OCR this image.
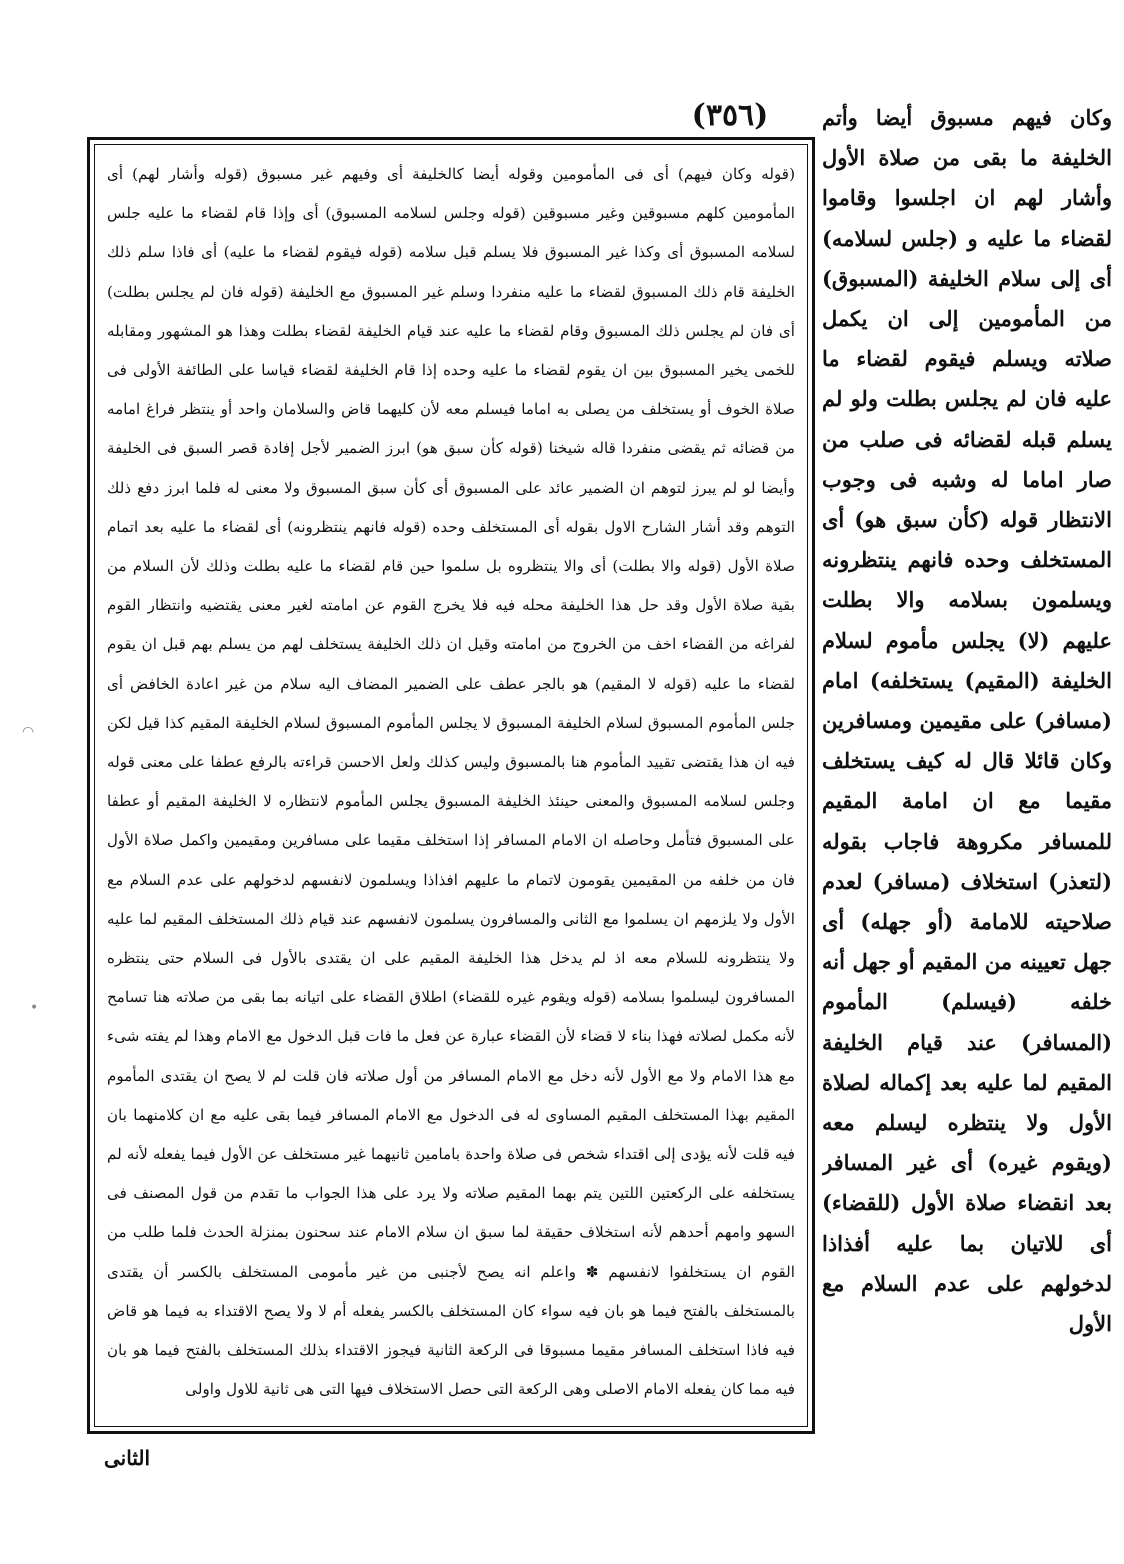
(٣٥٦)	وكان فيهم مسبوق أيضا وأتم الخليفة ما بقى من صلاة الأول وأشار لهم ان اجلسوا وقاموا لقضاء ما عليه و (جلس لسلامه) أى إلى سلام الخليفة (المسبوق) من المأمومين إلى ان يكمل صلاته ويسلم فيقوم لقضاء ما عليه فان لم يجلس بطلت ولو لم يسلم قبله لقضائه فى صلب من صار اماما له وشبه فى وجوب الانتظار قوله (كأن سبق هو) أى المستخلف وحده فانهم ينتظرونه ويسلمون بسلامه والا بطلت عليهم (لا) يجلس مأموم لسلام الخليفة (المقيم) يستخلفه) امام (مسافر) على مقيمين ومسافرين وكان قائلا قال له كيف يستخلف مقيما مع ان امامة المقيم للمسافر مكروهة فاجاب بقوله (لتعذر) استخلاف (مسافر) لعدم صلاحيته للامامة (أو جهله) أى جهل تعيينه من المقيم أو جهل أنه خلفه (فيسلم) المأموم (المسافر) عند قيام الخليفة المقيم لما عليه بعد إكماله لصلاة الأول ولا ينتظره ليسلم معه (ويقوم غيره) أى غير المسافر بعد انقضاء صلاة الأول (للقضاء) أى للاتيان بما عليه أفذاذا لدخولهم على عدم السلام مع الأول

(قوله وكان فيهم) أى فى المأمومين وقوله أيضا كالخليفة أى وفيهم غير مسبوق (قوله وأشار لهم) أى المأمومين كلهم مسبوقين وغير مسبوقين (قوله وجلس لسلامه المسبوق) أى وإذا قام لقضاء ما عليه جلس لسلامه المسبوق أى وكذا غير المسبوق فلا يسلم قبل سلامه (قوله فيقوم لقضاء ما عليه) أى فاذا سلم ذلك الخليفة قام ذلك المسبوق لقضاء ما عليه منفردا وسلم غير المسبوق مع الخليفة (قوله فان لم يجلس بطلت) أى فان لم يجلس ذلك المسبوق وقام لقضاء ما عليه عند قيام الخليفة لقضاء بطلت وهذا هو المشهور ومقابله للخمى يخير المسبوق بين ان يقوم لقضاء ما عليه وحده إذا قام الخليفة لقضاء قياسا على الطائفة الأولى فى صلاة الخوف أو يستخلف من يصلى به اماما فيسلم معه لأن كليهما قاض والسلامان واحد أو ينتظر فراغ امامه من قضائه ثم يقضى منفردا قاله شيخنا (قوله كأن سبق هو) ابرز الضمير لأجل إفادة قصر السبق فى الخليفة وأيضا لو لم يبرز لتوهم ان الضمير عائد على المسبوق أى كأن سبق المسبوق ولا معنى له فلما ابرز دفع ذلك التوهم وقد أشار الشارح الاول بقوله أى المستخلف وحده (قوله فانهم ينتظرونه) أى لقضاء ما عليه بعد اتمام صلاة الأول (قوله والا بطلت) أى والا ينتظروه بل سلموا حين قام لقضاء ما عليه بطلت وذلك لأن السلام من بقية صلاة الأول وقد حل هذا الخليفة محله فيه فلا يخرج القوم عن امامته لغير معنى يقتضيه وانتظار القوم لفراغه من القضاء اخف من الخروج من امامته وقيل ان ذلك الخليفة يستخلف لهم من يسلم بهم قبل ان يقوم لقضاء ما عليه (قوله لا المقيم) هو بالجر عطف على الضمير المضاف اليه سلام من غير اعادة الخافض أى جلس المأموم المسبوق لسلام الخليفة المسبوق لا يجلس المأموم المسبوق لسلام الخليفة المقيم كذا قيل لكن فيه ان هذا يقتضى تقييد المأموم هنا بالمسبوق وليس كذلك ولعل الاحسن قراءته بالرفع عطفا على معنى قوله وجلس لسلامه المسبوق والمعنى حينئذ الخليفة المسبوق يجلس المأموم لانتظاره لا الخليفة المقيم أو عطفا على المسبوق فتأمل وحاصله ان الامام المسافر إذا استخلف مقيما على مسافرين ومقيمين واكمل صلاة الأول فان من خلفه من المقيمين يقومون لاتمام ما عليهم افذاذا ويسلمون لانفسهم لدخولهم على عدم السلام مع الأول ولا يلزمهم ان يسلموا مع الثانى والمسافرون يسلمون لانفسهم عند قيام ذلك المستخلف المقيم لما عليه ولا ينتظرونه للسلام معه اذ لم يدخل هذا الخليفة المقيم على ان يقتدى بالأول فى السلام حتى ينتظره المسافرون ليسلموا بسلامه (قوله ويقوم غيره للقضاء) اطلاق القضاء على اتيانه بما بقى من صلاته هنا تسامح لأنه مكمل لصلاته فهذا بناء لا قضاء لأن القضاء عبارة عن فعل ما فات قبل الدخول مع الامام وهذا لم يفته شىء مع هذا الامام ولا مع الأول لأنه دخل مع الامام المسافر من أول صلاته فان قلت لم لا يصح ان يقتدى المأموم المقيم بهذا المستخلف المقيم المساوى له فى الدخول مع الامام المسافر فيما بقى عليه مع ان كلامنهما بان فيه قلت لأنه يؤدى إلى اقتداء شخص فى صلاة واحدة بامامين ثانيهما غير مستخلف عن الأول فيما يفعله لأنه لم يستخلفه على الركعتين اللتين يتم بهما المقيم صلاته ولا يرد على هذا الجواب ما تقدم من قول المصنف فى السهو وامهم أحدهم لأنه استخلاف حقيقة لما سبق ان سلام الامام عند سحنون بمنزلة الحدث فلما طلب من القوم ان يستخلفوا لانفسهم ✽ واعلم انه يصح لأجنبى من غير مأمومى المستخلف بالكسر أن يقتدى بالمستخلف بالفتح فيما هو بان فيه سواء كان المستخلف بالكسر يفعله أم لا ولا يصح الاقتداء به فيما هو قاض فيه فاذا استخلف المسافر مقيما مسبوقا فى الركعة الثانية فيجوز الاقتداء بذلك المستخلف بالفتح فيما هو بان فيه مما كان يفعله الامام الاصلى وهى الركعة التى حصل الاستخلاف فيها التى هى ثانية للاول واولى

الثانى
◠
•
